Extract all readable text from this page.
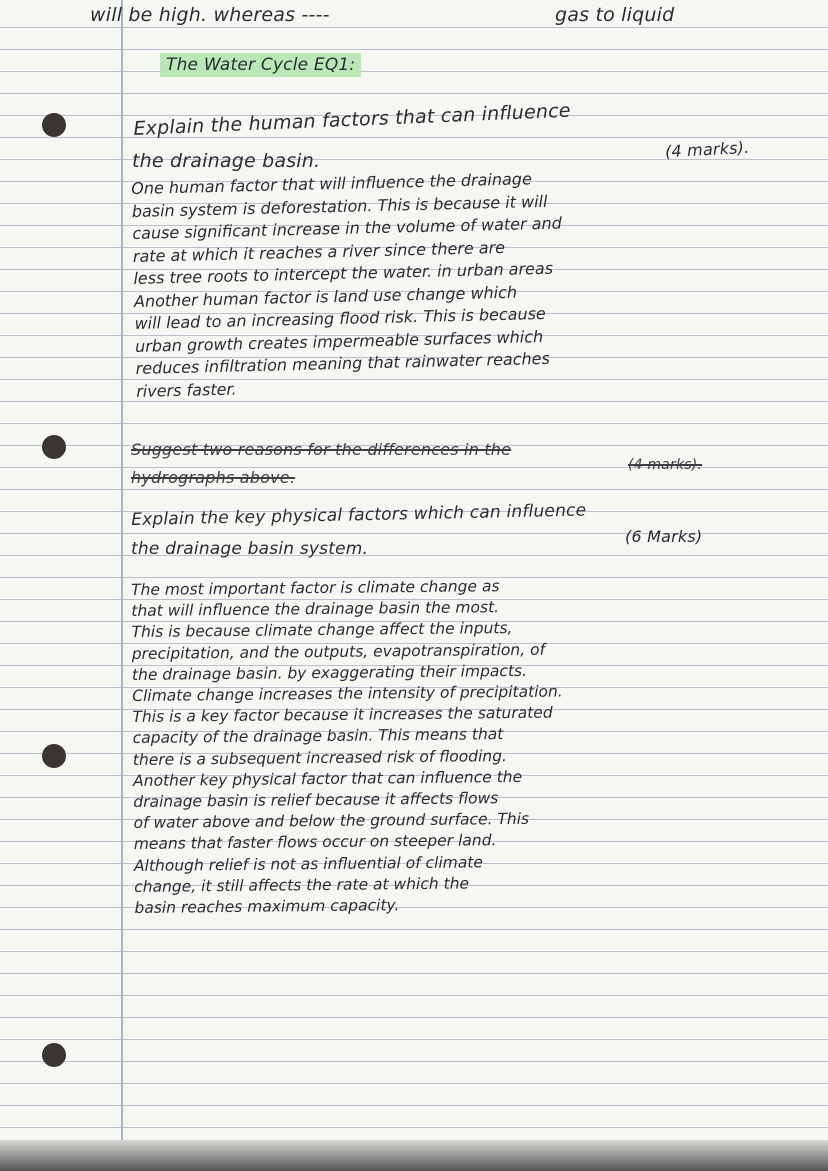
will be high. whereas ----	gas to liquid

The Water Cycle EQ1:

Explain the human factors that can influence

the drainage basin.	(4 marks).

One human factor that will influence the drainage
basin system is deforestation. This is because it will
cause significant increase in the volume of water and
rate at which it reaches a river since there are
less tree roots to intercept the water. in urban areas
Another human factor is land use change which
will lead to an increasing flood risk. This is because
urban growth creates impermeable surfaces which
reduces infiltration meaning that rainwater reaches
rivers faster.

Suggest two reasons for the differences in the

hydrographs above.

(4 marks).

Explain the key physical factors which can influence

the drainage basin system.

(6 Marks)

The most important factor is climate change as
that will influence the drainage basin the most.
This is because climate change affect the inputs,
precipitation, and the outputs, evapotranspiration, of
the drainage basin. by exaggerating their impacts.
Climate change increases the intensity of precipitation.
This is a key factor because it increases the saturated
capacity of the drainage basin. This means that
there is a subsequent increased risk of flooding.
Another key physical factor that can influence the
drainage basin is relief because it affects flows
of water above and below the ground surface. This
means that faster flows occur on steeper land.
Although relief is not as influential of climate
change, it still affects the rate at which the
basin reaches maximum capacity.
